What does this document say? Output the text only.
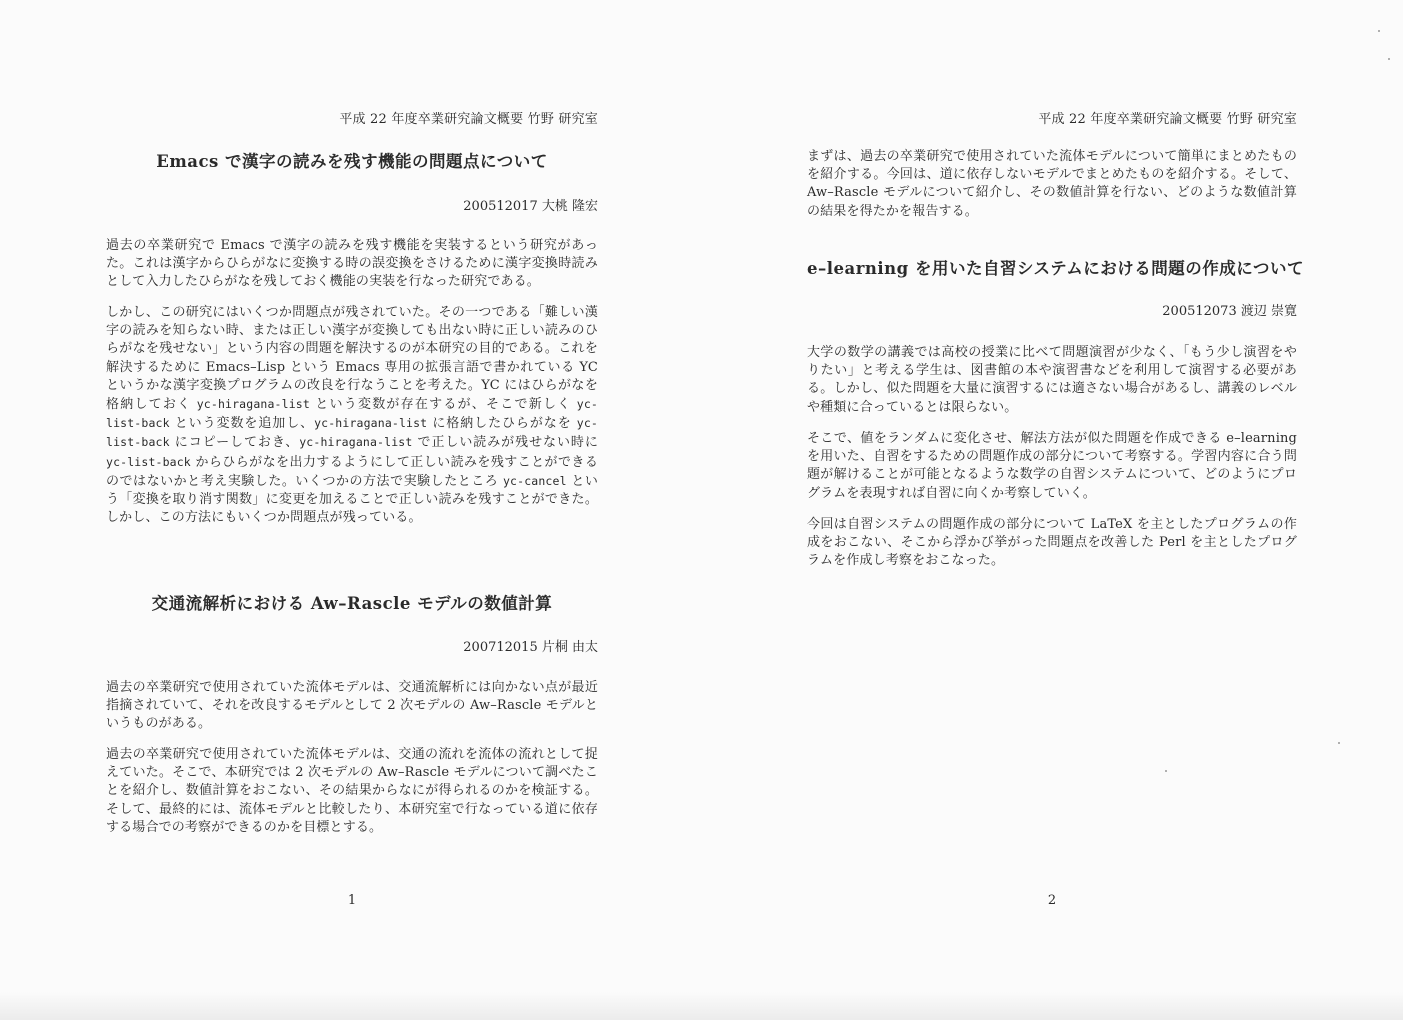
平成 22 年度卒業研究論文概要 竹野 研究室
Emacs で漢字の読みを残す機能の問題点について
200512017 大桃 隆宏
過去の卒業研究で Emacs で漢字の読みを残す機能を実装するという研究があった。これは漢字からひらがなに変換する時の誤変換をさけるために漢字変換時読みとして入力したひらがなを残しておく機能の実装を行なった研究である。
しかし、この研究にはいくつか問題点が残されていた。その一つである「難しい漢字の読みを知らない時、または正しい漢字が変換しても出ない時に正しい読みのひらがなを残せない」という内容の問題を解決するのが本研究の目的である。これを解決するために Emacs–Lisp という Emacs 専用の拡張言語で書かれている YC というかな漢字変換プログラムの改良を行なうことを考えた。YC にはひらがなを格納しておく yc-hiragana-list という変数が存在するが、そこで新しく yc-list-back という変数を追加し、yc-hiragana-list に格納したひらがなを yc-list-back にコピーしておき、yc-hiragana-list で正しい読みが残せない時に yc-list-back からひらがなを出力するようにして正しい読みを残すことができるのではないかと考え実験した。いくつかの方法で実験したところ yc-cancel という「変換を取り消す関数」に変更を加えることで正しい読みを残すことができた。しかし、この方法にもいくつか問題点が残っている。
交通流解析における Aw–Rascle モデルの数値計算
200712015 片桐 由太
過去の卒業研究で使用されていた流体モデルは、交通流解析には向かない点が最近指摘されていて、それを改良するモデルとして 2 次モデルの Aw–Rascle モデルというものがある。
過去の卒業研究で使用されていた流体モデルは、交通の流れを流体の流れとして捉えていた。そこで、本研究では 2 次モデルの Aw–Rascle モデルについて調べたことを紹介し、数値計算をおこない、その結果からなにが得られるのかを検証する。そして、最終的には、流体モデルと比較したり、本研究室で行なっている道に依存する場合での考察ができるのかを目標とする。
1
平成 22 年度卒業研究論文概要 竹野 研究室
まずは、過去の卒業研究で使用されていた流体モデルについて簡単にまとめたものを紹介する。今回は、道に依存しないモデルでまとめたものを紹介する。そして、Aw–Rascle モデルについて紹介し、その数値計算を行ない、どのような数値計算の結果を得たかを報告する。
e–learning を用いた自習システムにおける問題の作成について
200512073 渡辺 崇寛
大学の数学の講義では高校の授業に比べて問題演習が少なく、「もう少し演習をやりたい」と考える学生は、図書館の本や演習書などを利用して演習する必要がある。しかし、似た問題を大量に演習するには適さない場合があるし、講義のレベルや種類に合っているとは限らない。
そこで、値をランダムに変化させ、解法方法が似た問題を作成できる e–learning を用いた、自習をするための問題作成の部分について考察する。学習内容に合う問題が解けることが可能となるような数学の自習システムについて、どのようにプログラムを表現すれば自習に向くか考察していく。
今回は自習システムの問題作成の部分について LaTeX を主としたプログラムの作成をおこない、そこから浮かび挙がった問題点を改善した Perl を主としたプログラムを作成し考察をおこなった。
2
